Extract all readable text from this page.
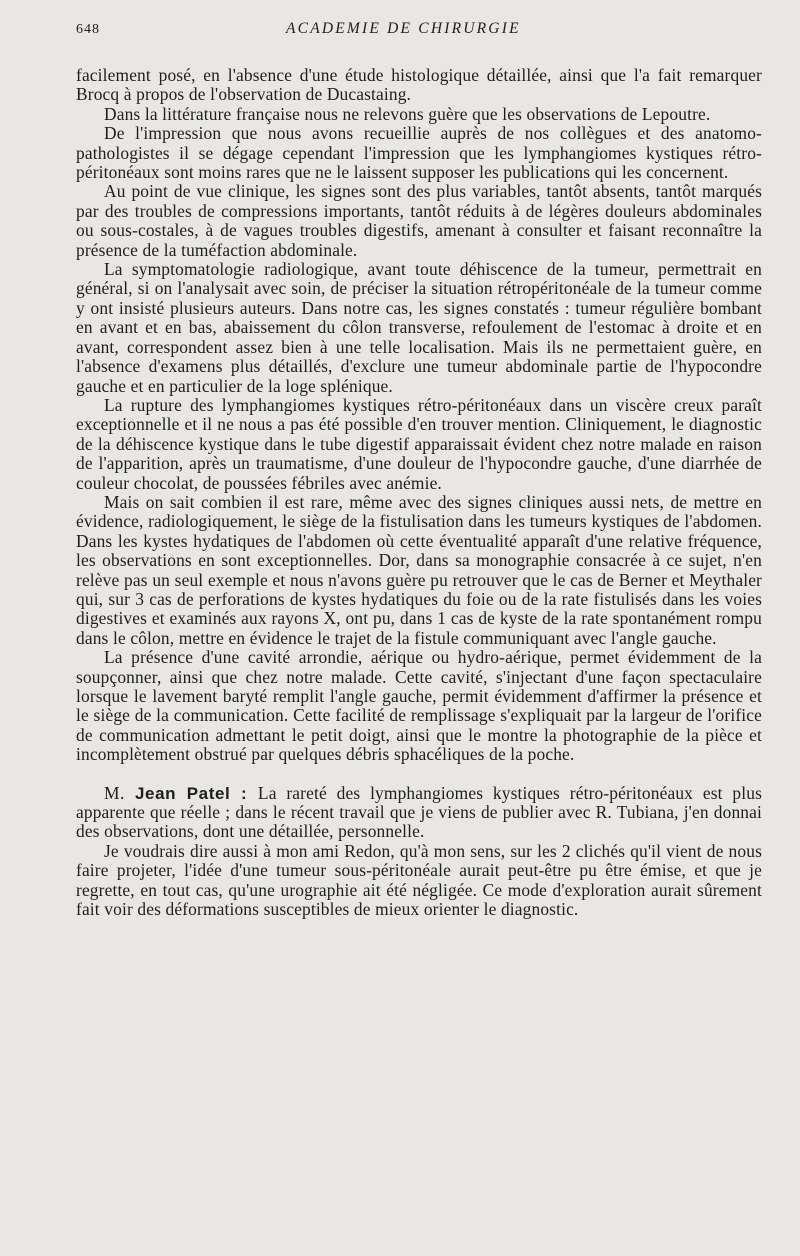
648	ACADEMIE DE CHIRURGIE

facilement posé, en l'absence d'une étude histologique détaillée, ainsi que l'a fait remarquer Brocq à propos de l'observation de Ducastaing.

Dans la littérature française nous ne relevons guère que les observations de Lepoutre.

De l'impression que nous avons recueillie auprès de nos collègues et des anatomo-pathologistes il se dégage cependant l'impression que les lymphangiomes kystiques rétro-péritonéaux sont moins rares que ne le laissent supposer les publications qui les concernent.

Au point de vue clinique, les signes sont des plus variables, tantôt absents, tantôt marqués par des troubles de compressions importants, tantôt réduits à de légères douleurs abdominales ou sous-costales, à de vagues troubles digestifs, amenant à consulter et faisant reconnaître la présence de la tuméfaction abdominale.

La symptomatologie radiologique, avant toute déhiscence de la tumeur, permettrait en général, si on l'analysait avec soin, de préciser la situation rétropéritonéale de la tumeur comme y ont insisté plusieurs auteurs. Dans notre cas, les signes constatés : tumeur régulière bombant en avant et en bas, abaissement du côlon transverse, refoulement de l'estomac à droite et en avant, correspondent assez bien à une telle localisation. Mais ils ne permettaient guère, en l'absence d'examens plus détaillés, d'exclure une tumeur abdominale partie de l'hypocondre gauche et en particulier de la loge splénique.

La rupture des lymphangiomes kystiques rétro-péritonéaux dans un viscère creux paraît exceptionnelle et il ne nous a pas été possible d'en trouver mention. Cliniquement, le diagnostic de la déhiscence kystique dans le tube digestif apparaissait évident chez notre malade en raison de l'apparition, après un traumatisme, d'une douleur de l'hypocondre gauche, d'une diarrhée de couleur chocolat, de poussées fébriles avec anémie.

Mais on sait combien il est rare, même avec des signes cliniques aussi nets, de mettre en évidence, radiologiquement, le siège de la fistulisation dans les tumeurs kystiques de l'abdomen. Dans les kystes hydatiques de l'abdomen où cette éventualité apparaît d'une relative fréquence, les observations en sont exceptionnelles. Dor, dans sa monographie consacrée à ce sujet, n'en relève pas un seul exemple et nous n'avons guère pu retrouver que le cas de Berner et Meythaler qui, sur 3 cas de perforations de kystes hydatiques du foie ou de la rate fistulisés dans les voies digestives et examinés aux rayons X, ont pu, dans 1 cas de kyste de la rate spontanément rompu dans le côlon, mettre en évidence le trajet de la fistule communiquant avec l'angle gauche.

La présence d'une cavité arrondie, aérique ou hydro-aérique, permet évidemment de la soupçonner, ainsi que chez notre malade. Cette cavité, s'injectant d'une façon spectaculaire lorsque le lavement baryté remplit l'angle gauche, permit évidemment d'affirmer la présence et le siège de la communication. Cette facilité de remplissage s'expliquait par la largeur de l'orifice de communication admettant le petit doigt, ainsi que le montre la photographie de la pièce et incomplètement obstrué par quelques débris sphacéliques de la poche.

M. Jean Patel : La rareté des lymphangiomes kystiques rétro-péritonéaux est plus apparente que réelle ; dans le récent travail que je viens de publier avec R. Tubiana, j'en donnai des observations, dont une détaillée, personnelle.

Je voudrais dire aussi à mon ami Redon, qu'à mon sens, sur les 2 clichés qu'il vient de nous faire projeter, l'idée d'une tumeur sous-péritonéale aurait peut-être pu être émise, et que je regrette, en tout cas, qu'une urographie ait été négligée. Ce mode d'exploration aurait sûrement fait voir des déformations susceptibles de mieux orienter le diagnostic.
